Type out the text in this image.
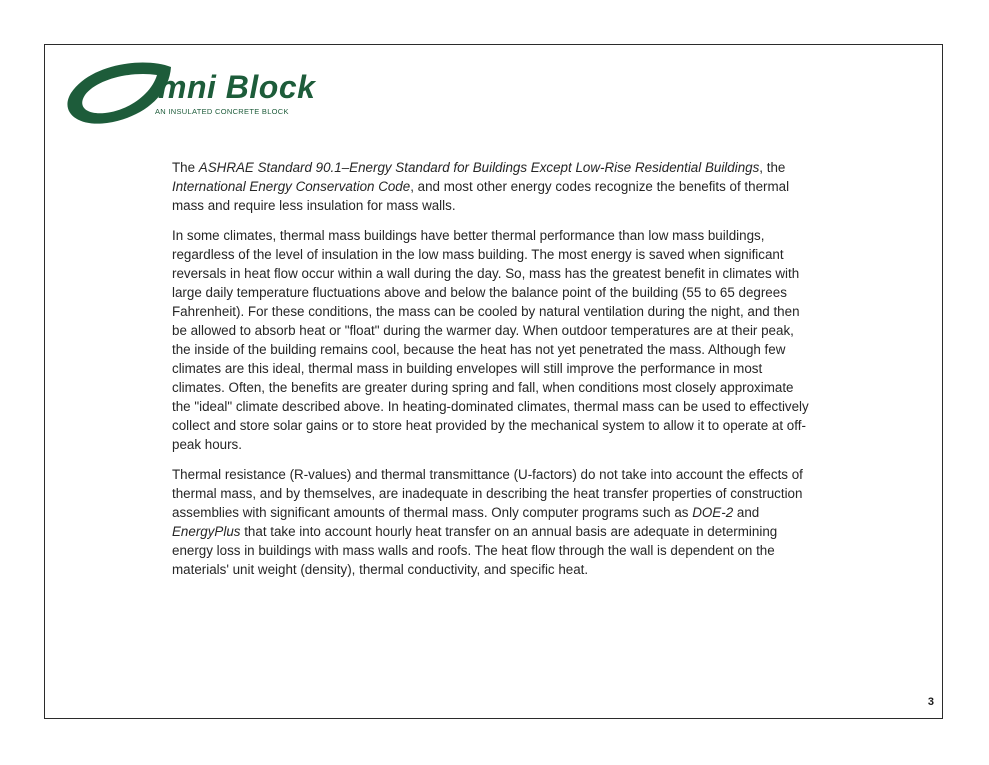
mni Block
AN INSULATED CONCRETE BLOCK

The ASHRAE Standard 90.1–Energy Standard for Buildings Except Low-Rise Residential Buildings, the International Energy Conservation Code, and most other energy codes recognize the benefits of thermal mass and require less insulation for mass walls.

In some climates, thermal mass buildings have better thermal performance than low mass buildings, regardless of the level of insulation in the low mass building. The most energy is saved when significant reversals in heat flow occur within a wall during the day. So, mass has the greatest benefit in climates with large daily temperature fluctuations above and below the balance point of the building (55 to 65 degrees Fahrenheit). For these conditions, the mass can be cooled by natural ventilation during the night, and then be allowed to absorb heat or "float" during the warmer day. When outdoor temperatures are at their peak, the inside of the building remains cool, because the heat has not yet penetrated the mass. Although few climates are this ideal, thermal mass in building envelopes will still improve the performance in most climates. Often, the benefits are greater during spring and fall, when conditions most closely approximate the "ideal" climate described above. In heating-dominated climates, thermal mass can be used to effectively collect and store solar gains or to store heat provided by the mechanical system to allow it to operate at off-peak hours.

Thermal resistance (R-values) and thermal transmittance (U-factors) do not take into account the effects of thermal mass, and by themselves, are inadequate in describing the heat transfer properties of construction assemblies with significant amounts of thermal mass. Only computer programs such as DOE-2 and EnergyPlus that take into account hourly heat transfer on an annual basis are adequate in determining energy loss in buildings with mass walls and roofs. The heat flow through the wall is dependent on the materials' unit weight (density), thermal conductivity, and specific heat.

3
